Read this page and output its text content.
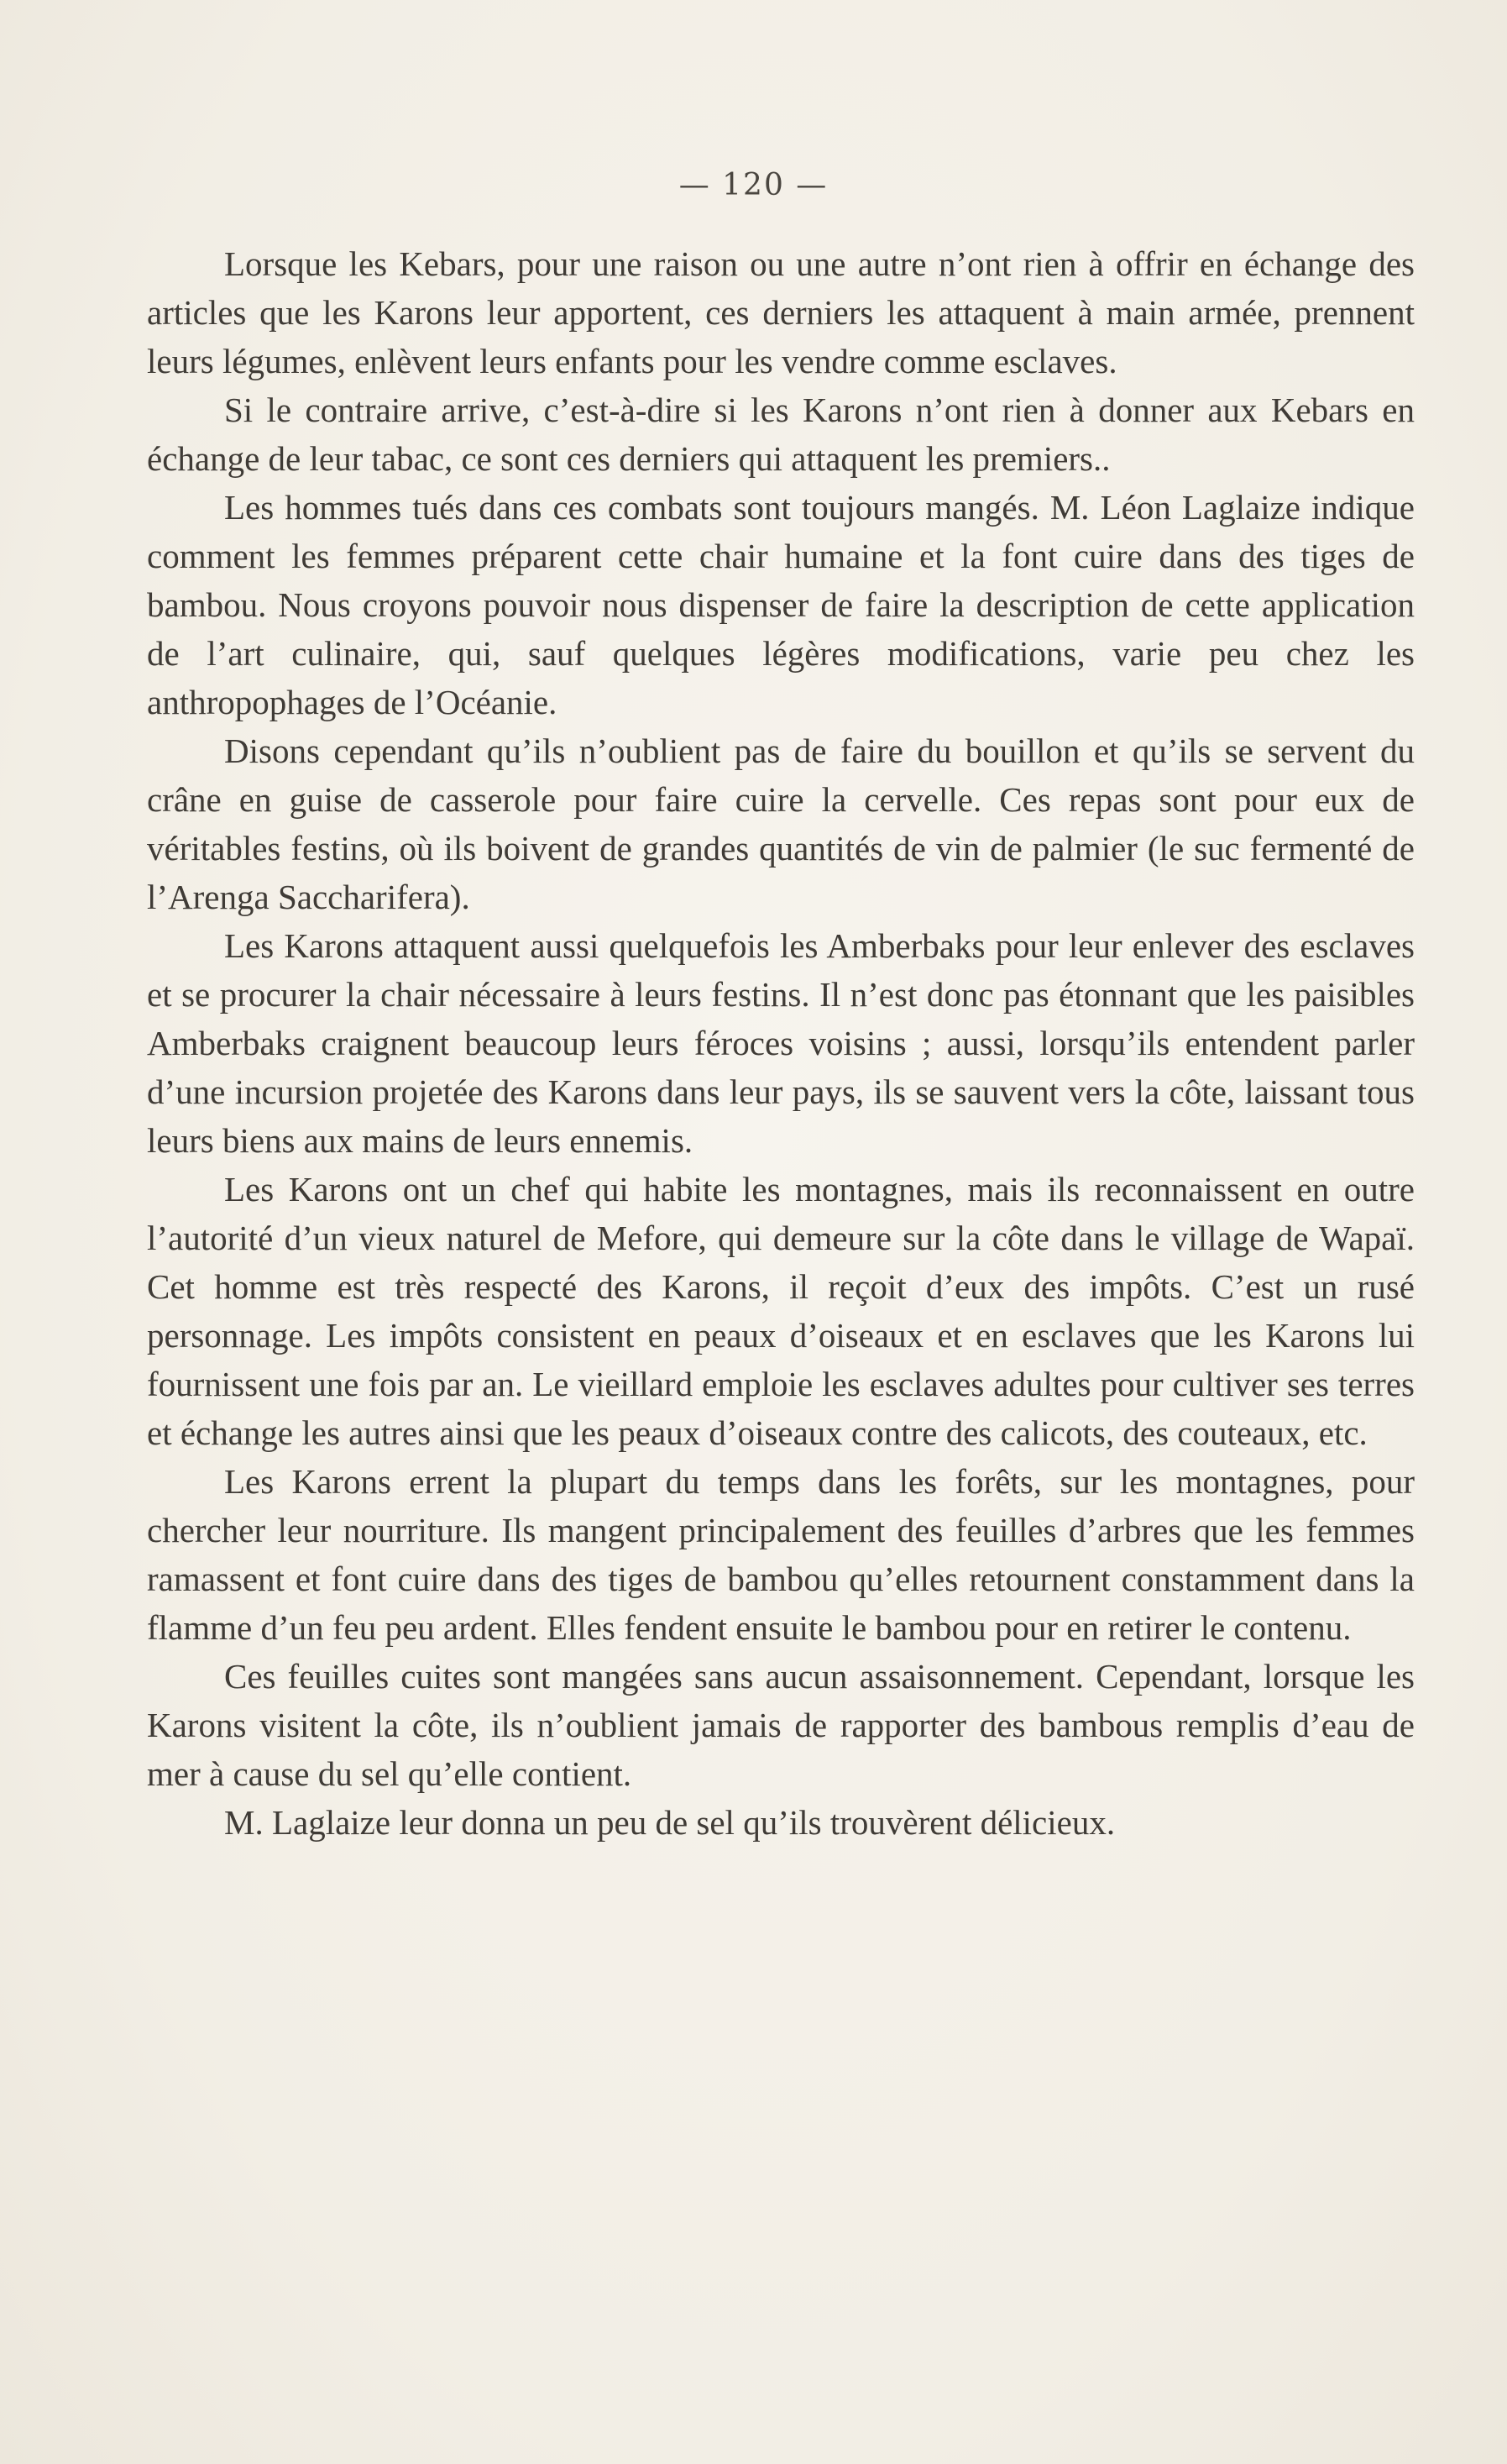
— 120 —

Lorsque les Kebars, pour une raison ou une autre n’ont rien à offrir en échange des articles que les Karons leur apportent, ces derniers les attaquent à main armée, prennent leurs légumes, enlèvent leurs enfants pour les vendre comme esclaves.

Si le contraire arrive, c’est-à-dire si les Karons n’ont rien à donner aux Kebars en échange de leur tabac, ce sont ces derniers qui attaquent les premiers..

Les hommes tués dans ces combats sont toujours mangés. M. Léon Laglaize indique comment les femmes préparent cette chair humaine et la font cuire dans des tiges de bambou. Nous croyons pouvoir nous dispenser de faire la description de cette application de l’art culinaire, qui, sauf quelques légères modifications, varie peu chez les anthropophages de l’Océanie.

Disons cependant qu’ils n’oublient pas de faire du bouillon et qu’ils se servent du crâne en guise de casserole pour faire cuire la cervelle. Ces repas sont pour eux de véritables festins, où ils boivent de grandes quantités de vin de palmier (le suc fermenté de l’Arenga Saccharifera).

Les Karons attaquent aussi quelquefois les Amberbaks pour leur enlever des esclaves et se procurer la chair nécessaire à leurs festins. Il n’est donc pas étonnant que les paisibles Amberbaks craignent beaucoup leurs féroces voisins ; aussi, lorsqu’ils entendent parler d’une incursion projetée des Karons dans leur pays, ils se sauvent vers la côte, laissant tous leurs biens aux mains de leurs ennemis.

Les Karons ont un chef qui habite les montagnes, mais ils reconnaissent en outre l’autorité d’un vieux naturel de Mefore, qui demeure sur la côte dans le village de Wapaï. Cet homme est très respecté des Karons, il reçoit d’eux des impôts. C’est un rusé personnage. Les impôts consistent en peaux d’oiseaux et en esclaves que les Karons lui fournissent une fois par an. Le vieillard emploie les esclaves adultes pour cultiver ses terres et échange les autres ainsi que les peaux d’oiseaux contre des calicots, des couteaux, etc.

Les Karons errent la plupart du temps dans les forêts, sur les montagnes, pour chercher leur nourriture. Ils mangent principalement des feuilles d’arbres que les femmes ramassent et font cuire dans des tiges de bambou qu’elles retournent constamment dans la flamme d’un feu peu ardent. Elles fendent ensuite le bambou pour en retirer le contenu.

Ces feuilles cuites sont mangées sans aucun assaisonnement. Cependant, lorsque les Karons visitent la côte, ils n’oublient jamais de rapporter des bambous remplis d’eau de mer à cause du sel qu’elle contient.

M. Laglaize leur donna un peu de sel qu’ils trouvèrent délicieux.
